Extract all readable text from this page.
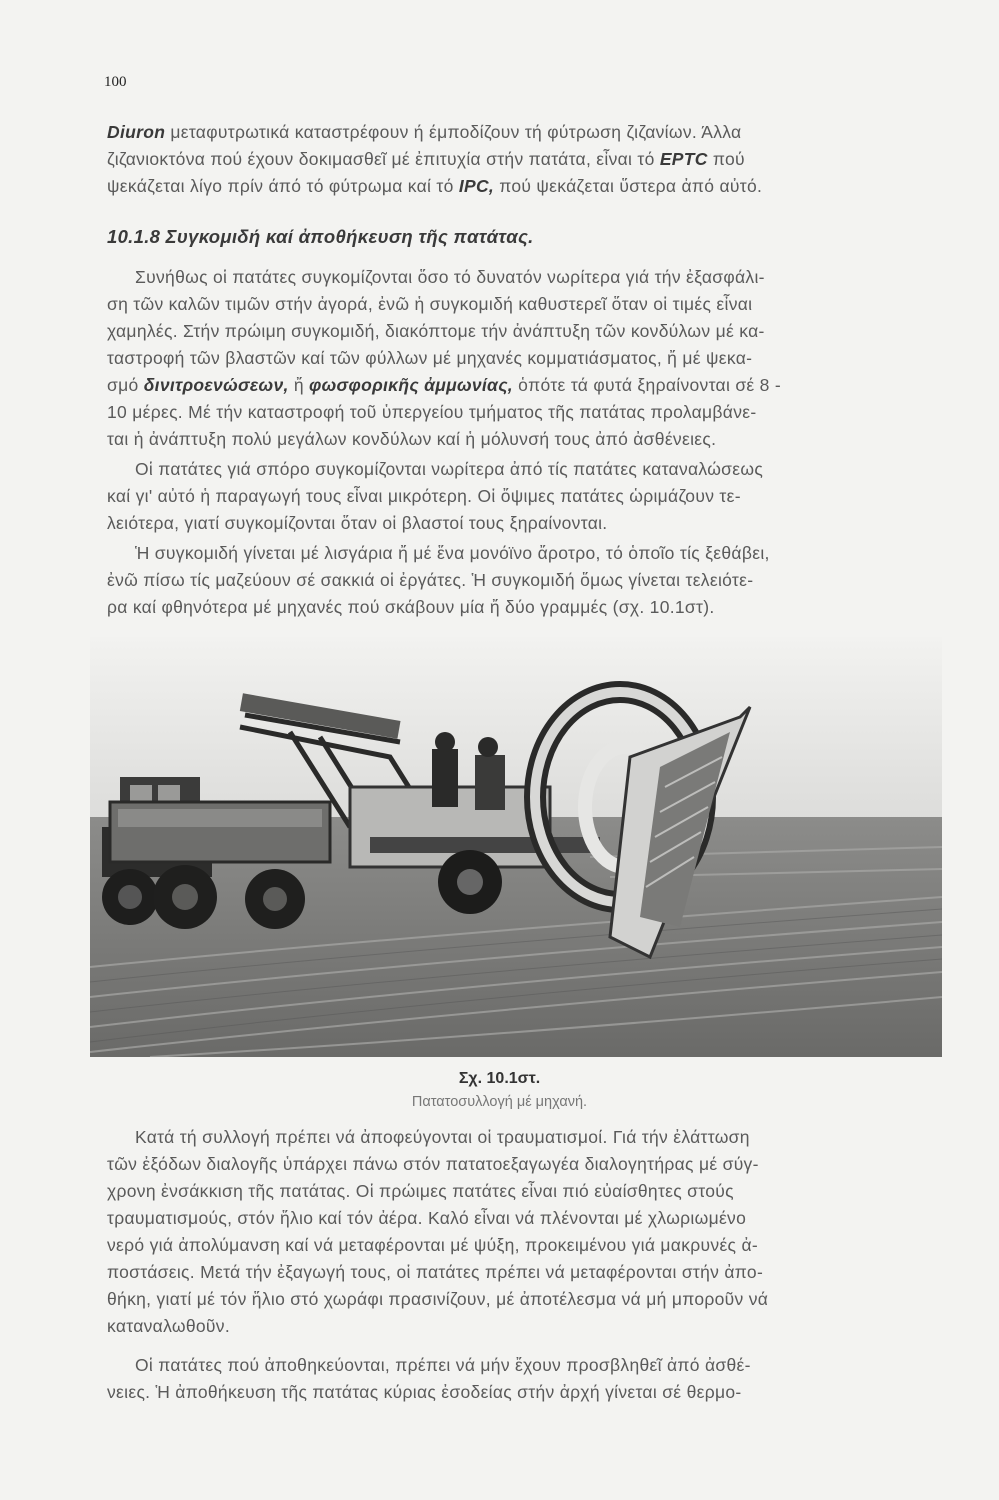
100
Diuron μεταφυτρωτικά καταστρέφουν ή έμποδίζουν τή φύτρωση ζιζανίων. Άλλα
ζιζανιοκτόνα πού έχουν δοκιμασθεῖ μέ ἐπιτυχία στήν πατάτα, εἶναι τό EPTC πού
ψεκάζεται λίγο πρίν άπό τό φύτρωμα καί τό IPC, πού ψεκάζεται ὕστερα ἀπό αὐτό.
10.1.8 Συγκομιδή καί ἀποθήκευση τῆς πατάτας.
Συνήθως οἱ πατάτες συγκομίζονται ὅσο τό δυνατόν νωρίτερα γιά τήν ἐξασφάλι-
ση τῶν καλῶν τιμῶν στήν ἀγορά, ἐνῶ ἡ συγκομιδή καθυστερεῖ ὅταν οἱ τιμές εἶναι
χαμηλές. Στήν πρώιμη συγκομιδή, διακόπτομε τήν ἀνάπτυξη τῶν κονδύλων μέ κα-
ταστροφή τῶν βλαστῶν καί τῶν φύλλων μέ μηχανές κομματιάσματος, ἤ μέ ψεκα-
σμό δινιτροενώσεων, ἤ φωσφορικῆς ἀμμωνίας, ὁπότε τά φυτά ξηραίνονται σέ 8 -
10 μέρες. Μέ τήν καταστροφή τοῦ ὑπεργείου τμήματος τῆς πατάτας προλαμβάνε-
ται ἡ ἀνάπτυξη πολύ μεγάλων κονδύλων καί ἡ μόλυνσή τους ἀπό ἀσθένειες.
Οἱ πατάτες γιά σπόρο συγκομίζονται νωρίτερα ἀπό τίς πατάτες καταναλώσεως
καί γι' αὐτό ἡ παραγωγή τους εἶναι μικρότερη. Οἱ ὄψιμες πατάτες ὡριμάζουν τε-
λειότερα, γιατί συγκομίζονται ὅταν οἱ βλαστοί τους ξηραίνονται.
Ἡ συγκομιδή γίνεται μέ λισγάρια ἤ μέ ἕνα μονόϊνο ἄροτρο, τό ὁποῖο τίς ξεθάβει,
ἐνῶ πίσω τίς μαζεύουν σέ σακκιά οἱ ἐργάτες. Ἡ συγκομιδή ὅμως γίνεται τελειότε-
ρα καί φθηνότερα μέ μηχανές πού σκάβουν μία ἤ δύο γραμμές (σχ. 10.1στ).
Σχ. 10.1στ.
Πατατοσυλλογή μέ μηχανή.
Κατά τή συλλογή πρέπει νά ἀποφεύγονται οἱ τραυματισμοί. Γιά τήν ἐλάττωση
τῶν ἐξόδων διαλογῆς ὑπάρχει πάνω στόν πατατοεξαγωγέα διαλογητήρας μέ σύγ-
χρονη ἐνσάκκιση τῆς πατάτας. Οἱ πρώιμες πατάτες εἶναι πιό εὐαίσθητες στούς
τραυματισμούς, στόν ἥλιο καί τόν ἀέρα. Καλό εἶναι νά πλένονται μέ χλωριωμένο
νερό γιά ἀπολύμανση καί νά μεταφέρονται μέ ψύξη, προκειμένου γιά μακρυνές ἀ-
ποστάσεις. Μετά τήν ἐξαγωγή τους, οἱ πατάτες πρέπει νά μεταφέρονται στήν ἀπο-
θήκη, γιατί μέ τόν ἥλιο στό χωράφι πρασινίζουν, μέ ἀποτέλεσμα νά μή μποροῦν νά
καταναλωθοῦν.
Οἱ πατάτες πού ἀποθηκεύονται, πρέπει νά μήν ἔχουν προσβληθεῖ ἀπό ἀσθέ-
νειες. Ἡ ἀποθήκευση τῆς πατάτας κύριας ἐσοδείας στήν ἀρχή γίνεται σέ θερμο-
